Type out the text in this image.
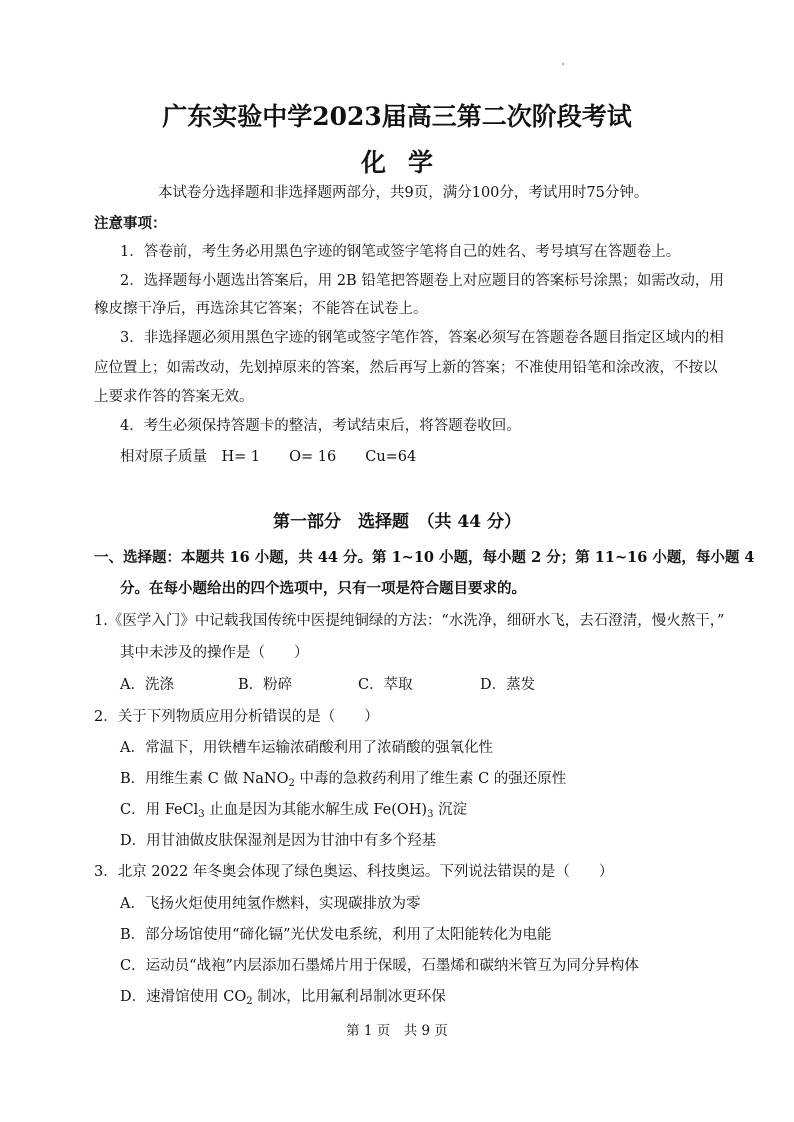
广东实验中学2023届高三第二次阶段考试
化学
本试卷分选择题和非选择题两部分，共9页，满分100分，考试用时75分钟。
注意事项：
1．答卷前，考生务必用黑色字迹的钢笔或签字笔将自己的姓名、考号填写在答题卷上。
2．选择题每小题选出答案后，用 2B 铅笔把答题卷上对应题目的答案标号涂黑；如需改动，用
橡皮擦干净后，再选涂其它答案；不能答在试卷上。
3．非选择题必须用黑色字迹的钢笔或签字笔作答，答案必须写在答题卷各题目指定区域内的相
应位置上；如需改动，先划掉原来的答案，然后再写上新的答案；不准使用铅笔和涂改液，不按以
上要求作答的答案无效。
4．考生必须保持答题卡的整洁，考试结束后，将答题卷收回。
相对原子质量　H= 1　　O= 16　　Cu=64
第一部分　选择题　（共 44 分）
一、选择题：本题共 16 小题，共 44 分。第 1~10 小题，每小题 2 分；第 11~16 小题，每小题 4
分。在每小题给出的四个选项中，只有一项是符合题目要求的。
1.《医学入门》中记载我国传统中医提纯铜绿的方法：“水洗净，细研水飞，去石澄清，慢火熬干，”
其中未涉及的操作是（　　）
A．洗涤	B．粉碎	C．萃取	D．蒸发
2．关于下列物质应用分析错误的是（　　）
A．常温下，用铁槽车运输浓硝酸利用了浓硝酸的强氧化性
B．用维生素 C 做 NaNO$_2$ 中毒的急救药利用了维生素 C 的强还原性
C．用 FeCl$_3$ 止血是因为其能水解生成 $Fe(OH)_3$ 沉淀
D．用甘油做皮肤保湿剂是因为甘油中有多个羟基
3．北京 2022 年冬奥会体现了绿色奥运、科技奥运。下列说法错误的是（　　）
A．飞扬火炬使用纯氢作燃料，实现碳排放为零
B．部分场馆使用“碲化镉”光伏发电系统，利用了太阳能转化为电能
C．运动员“战袍”内层添加石墨烯片用于保暖，石墨烯和碳纳米管互为同分异构体
D．速滑馆使用 $CO_2$ 制冰，比用氟利昂制冰更环保
第 1 页　共 9 页
